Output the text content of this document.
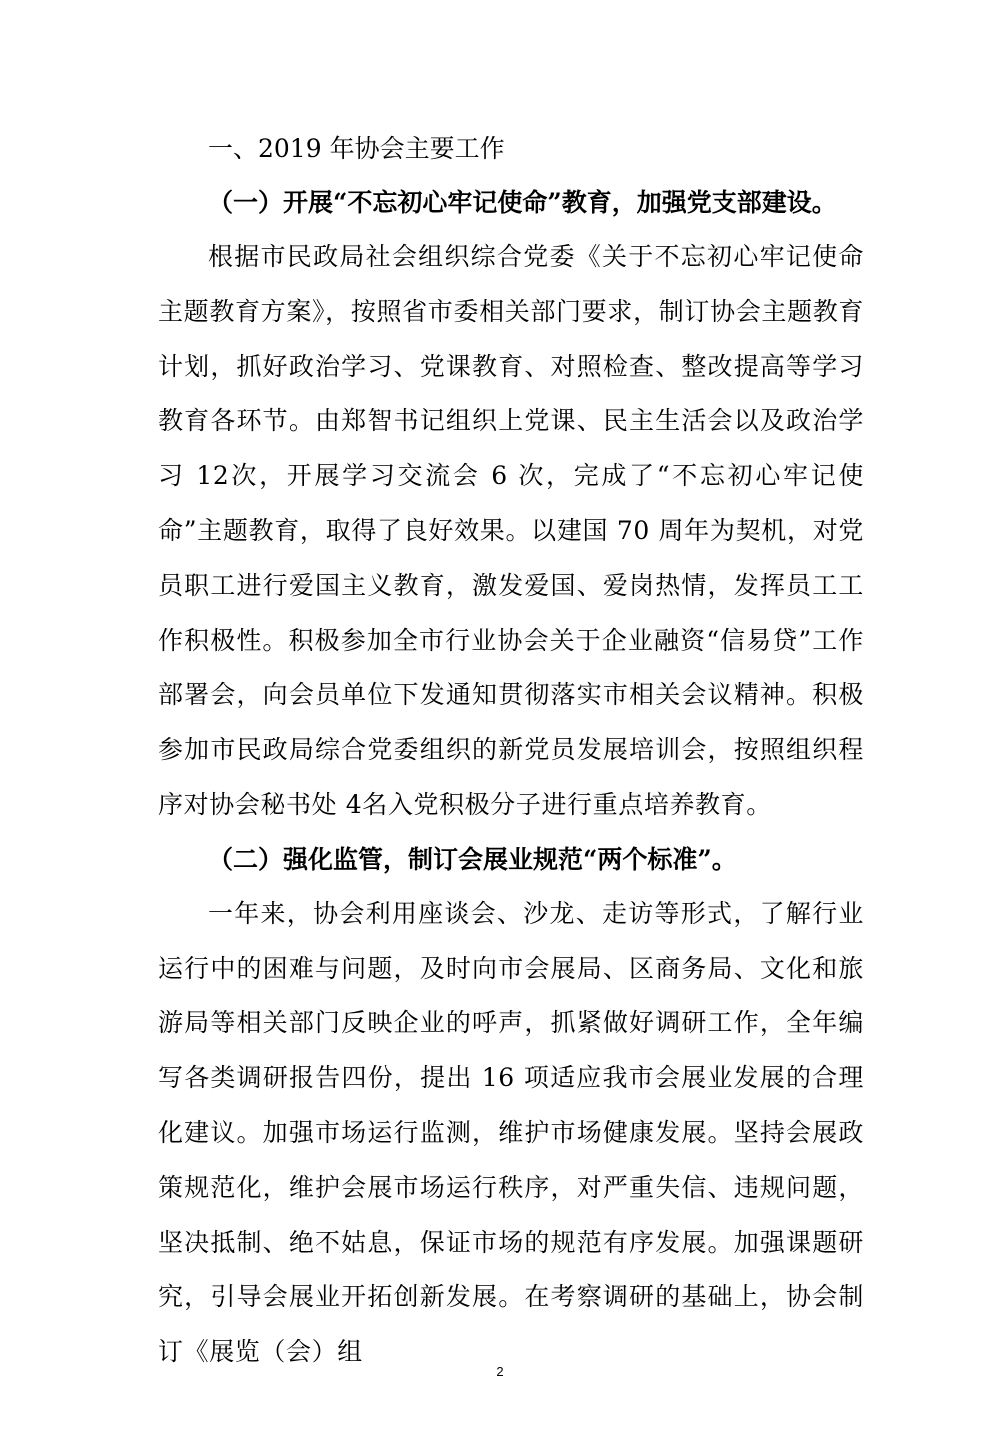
一、2019 年协会主要工作
（一）开展“不忘初心牢记使命”教育，加强党支部建设。

根据市民政局社会组织综合党委《关于不忘初心牢记使命主题教育方案》，按照省市委相关部门要求，制订协会主题教育计划，抓好政治学习、党课教育、对照检查、整改提高等学习教育各环节。由郑智书记组织上党课、民主生活会以及政治学习 12次，开展学习交流会 6 次，完成了“不忘初心牢记使命”主题教育，取得了良好效果。以建国 70 周年为契机，对党员职工进行爱国主义教育，激发爱国、爱岗热情，发挥员工工作积极性。积极参加全市行业协会关于企业融资“信易贷”工作部署会，向会员单位下发通知贯彻落实市相关会议精神。积极参加市民政局综合党委组织的新党员发展培训会，按照组织程序对协会秘书处 4名入党积极分子进行重点培养教育。

（二）强化监管，制订会展业规范“两个标准”。

一年来，协会利用座谈会、沙龙、走访等形式，了解行业运行中的困难与问题，及时向市会展局、区商务局、文化和旅游局等相关部门反映企业的呼声，抓紧做好调研工作，全年编写各类调研报告四份，提出 16 项适应我市会展业发展的合理化建议。加强市场运行监测，维护市场健康发展。坚持会展政策规范化，维护会展市场运行秩序，对严重失信、违规问题，坚决抵制、绝不姑息，保证市场的规范有序发展。加强课题研究，引导会展业开拓创新发展。在考察调研的基础上，协会制订《展览（会）组

2
